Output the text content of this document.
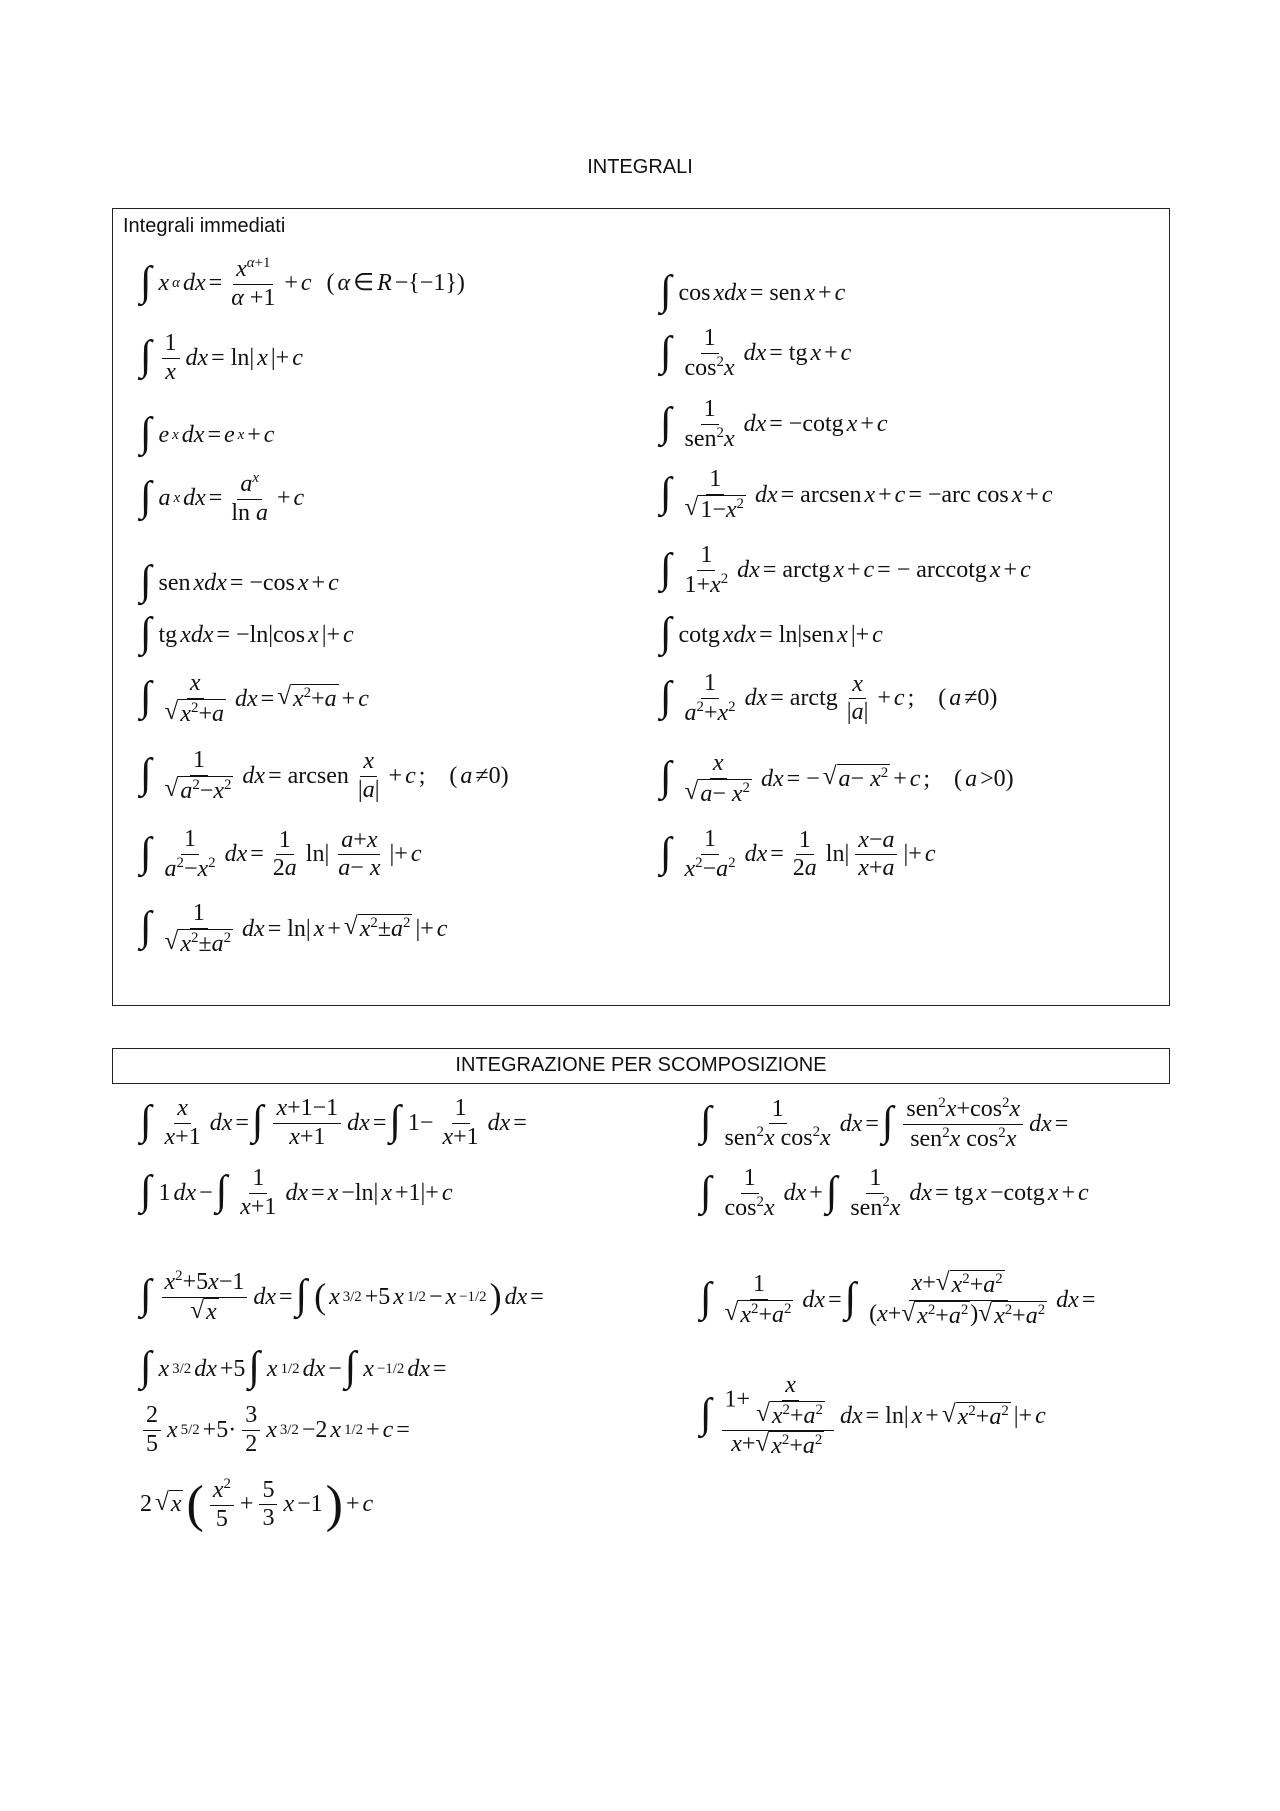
INTEGRALI
Integrali immediati
∫ x α dx = $\frac{x^{\alpha+1}}{\alpha +1} + c$ ( α ∈ R −{−1})
∫ $\frac{1}{x}$ dx = ln| x |+ c
∫ e x dx = e x + c
∫ a x dx = $\frac{a^x}{\text{ln a}} + c$
∫ sen xdx = −cos x + c
∫ tg xdx = −ln|cos x |+ c
∫ $\frac{x}{√ x^2+a}$ dx = √ $x^2+a + c$
∫ $\frac{1}{√ a^2-x^2}$ dx = arcsen $\frac{x}{|a|} + c$ ;    ( a ≠0)
∫ $\frac{1}{a^2-x^2}$ dx = $\frac{1}{2a} \ln| \frac{a+x}{a- x}$ |+ c
∫ $\frac{1}{√ x^2\pm a^2}$ dx = ln| x + √ $x^2\pm a^2$ |+ c
∫ cos xdx = sen x + c
∫ $\frac{1}{\cos^2x}$ dx = tg x + c
∫ $\frac{1}{sen^2x}$ dx = −cotg x + c
∫ $\frac{1}{√ 1-x^2}$ dx = arcsen x + c = −arc cos x + c
∫ $\frac{1}{1+x^2}$ dx = arctg x + c = − arccotg x + c
∫ cotg xdx = ln|sen x |+ c
∫ $\frac{1}{a^2+x^2}$ dx = arctg $\frac{x}{|a|} + c$ ;    ( a ≠0)
∫ $\frac{x}{√ a- x^2}$ dx = − √ $a- x^2 + c$ ;    ( a >0)
∫ $\frac{1}{x^2-a^2}$ dx = $\frac{1}{2a} \ln| \frac{x-a}{x+a}$ |+ c
INTEGRAZIONE PER SCOMPOSIZIONE
∫ $\frac{x}{x+1}$ dx = ∫ $\frac{x+1-1}{x+1}$ dx = ∫ $1- \frac{1}{x+1}$ dx =
∫ 1 dx − ∫ $\frac{1}{x+1}$ dx = x −ln| x +1|+ c
∫ $\frac{x^2+5x-1}{√ x}$ dx = ∫ ( x 3/2 +5 x 1/2 − x −1/2 ) dx =
∫ x 3/2 dx +5 ∫ x 1/2 dx − ∫ x −1/2 dx =
$\frac{2}{5}$ x $5/2 +5\cdot \frac{3}{2}$ x 3/2 −2 x 1/2 + c =
2 √ x ( $\frac{x^2}{5} + \frac{5}{3}$ x −1 ) + c
∫ $\frac{1}{sen^2x \cos^2x}$ dx = ∫ $\frac{sen^2x+\cos^2x}{sen^2x \cos^2x}$ dx =
∫ $\frac{1}{\cos^2x}$ dx + ∫ $\frac{1}{sen^2x}$ dx = tg x −cotg x + c
∫ $\frac{1}{√ x^2+a^2}$ dx = ∫ $\frac{x+ √ x^2+a^2}{(x+ √ x^2+a^2 ) √ x^2+a^2}$ dx =
∫ $\frac{1+ \frac{x}{√ x^2+a^2}}{x+ √ x^2+a^2}$ dx = ln| x + √ $x^2+a^2$ |+ c
